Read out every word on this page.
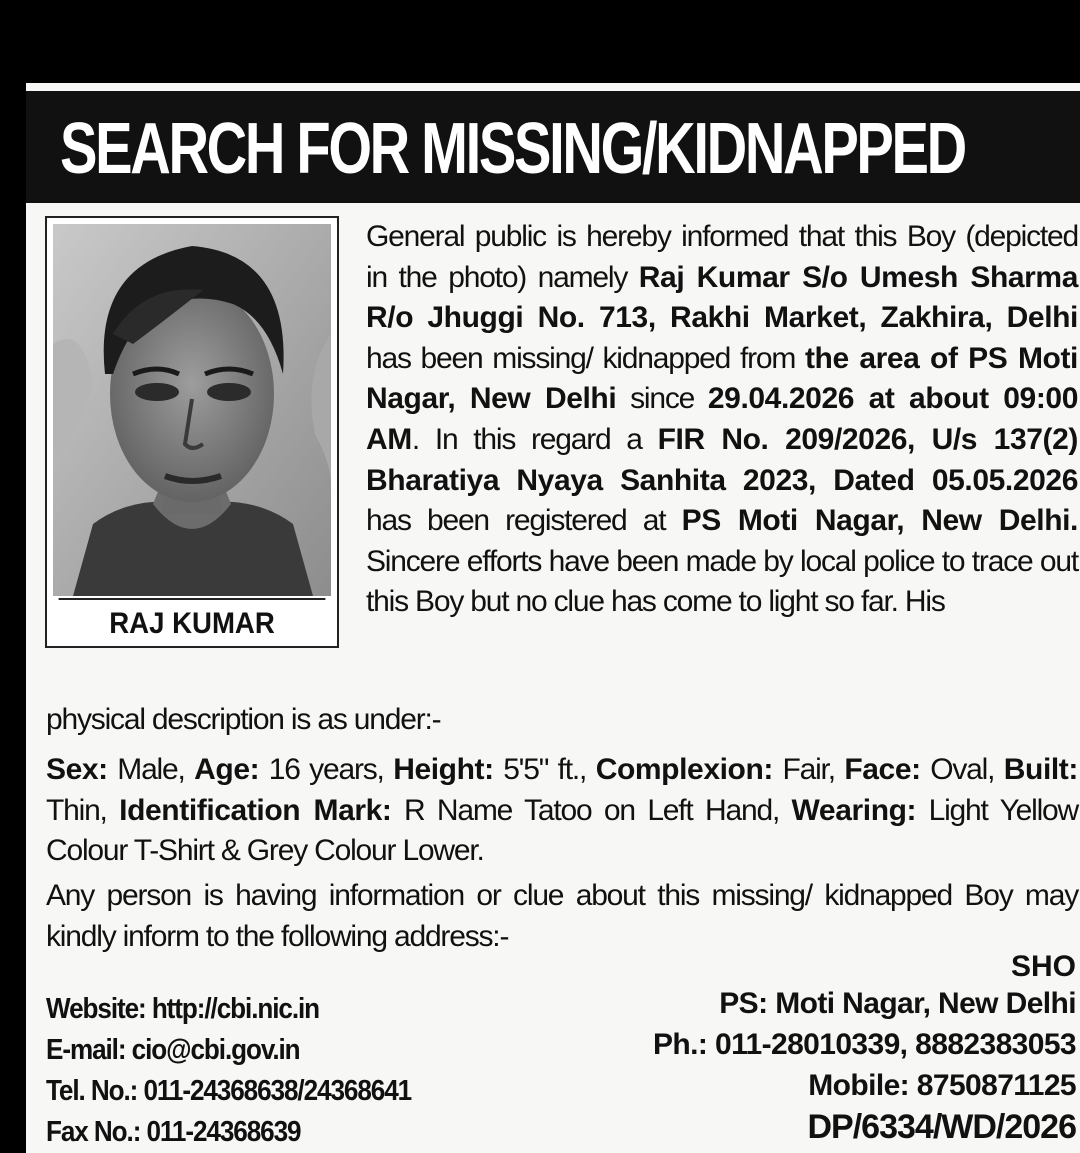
SEARCH FOR MISSING/KIDNAPPED
RAJ KUMAR

General public is hereby informed that this Boy (depicted in the photo) namely Raj Kumar S/o Umesh Sharma R/o Jhuggi No. 713, Rakhi Market, Zakhira, Delhi has been missing/ kidnapped from the area of PS Moti Nagar, New Delhi since 29.04.2026 at about 09:00 AM. In this regard a FIR No. 209/2026, U/s 137(2) Bharatiya Nyaya Sanhita 2023, Dated 05.05.2026 has been registered at PS Moti Nagar, New Delhi. Sincere efforts have been made by local police to trace out this Boy but no clue has come to light so far. His

physical description is as under:-

Sex: Male, Age: 16 years, Height: 5'5" ft., Complexion: Fair, Face: Oval, Built: Thin, Identification Mark: R Name Tatoo on Left Hand, Wearing: Light Yellow Colour T-Shirt & Grey Colour Lower.

Any person is having information or clue about this missing/ kidnapped Boy may kindly inform to the following address:-

SHO
Website: http://cbi.nic.in
E-mail: cio@cbi.gov.in
Tel. No.: 011-24368638/24368641
Fax No.: 011-24368639
PS: Moti Nagar, New Delhi
Ph.: 011-28010339, 8882383053
Mobile: 8750871125
DP/6334/WD/2026
